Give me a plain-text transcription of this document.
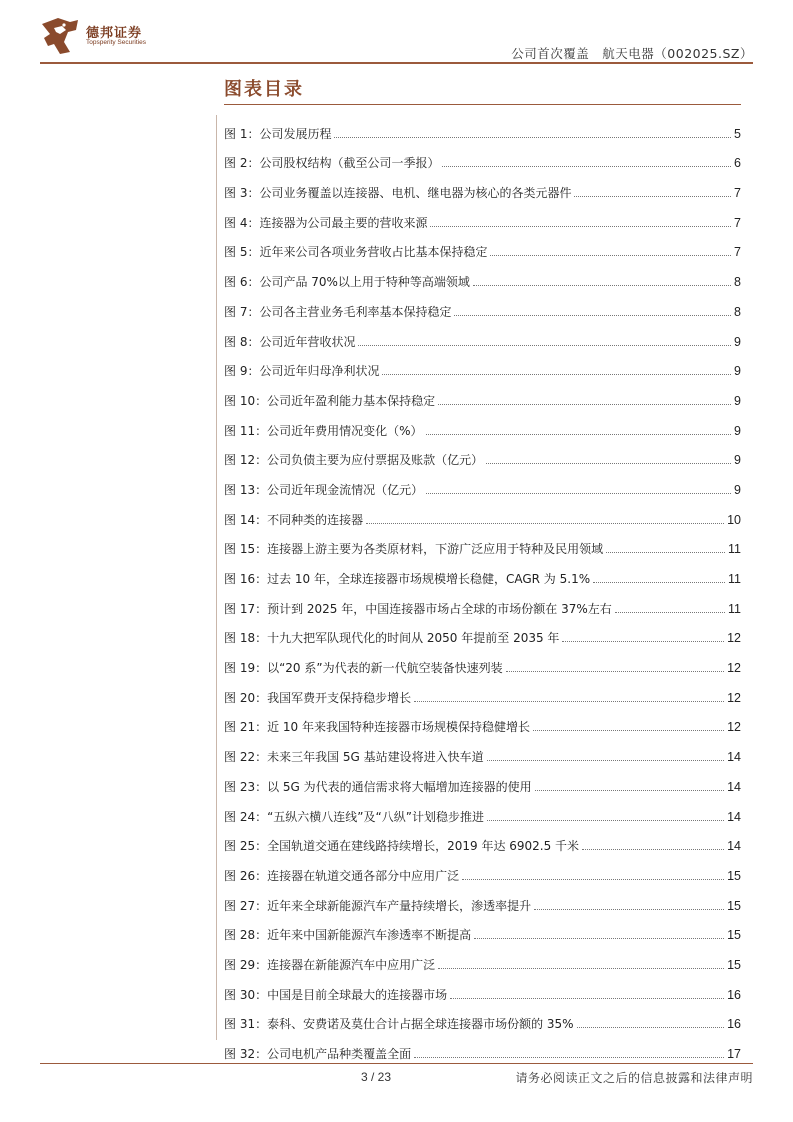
德邦证券
Topsperity Securities
公司首次覆盖　航天电器（002025.SZ）
图表目录
图 1：公司发展历程	5
图 2：公司股权结构（截至公司一季报）	6
图 3：公司业务覆盖以连接器、电机、继电器为核心的各类元器件	7
图 4：连接器为公司最主要的营收来源	7
图 5：近年来公司各项业务营收占比基本保持稳定	7
图 6：公司产品 70%以上用于特种等高端领域	8
图 7：公司各主营业务毛利率基本保持稳定	8
图 8：公司近年营收状况	9
图 9：公司近年归母净利状况	9
图 10：公司近年盈利能力基本保持稳定	9
图 11：公司近年费用情况变化（%）	9
图 12：公司负债主要为应付票据及账款（亿元）	9
图 13：公司近年现金流情况（亿元）	9
图 14：不同种类的连接器	10
图 15：连接器上游主要为各类原材料，下游广泛应用于特种及民用领域	11
图 16：过去 10 年，全球连接器市场规模增长稳健，CAGR 为 5.1%	11
图 17：预计到 2025 年，中国连接器市场占全球的市场份额在 37%左右	11
图 18：十九大把军队现代化的时间从 2050 年提前至 2035 年	12
图 19：以“20 系”为代表的新一代航空装备快速列装	12
图 20：我国军费开支保持稳步增长	12
图 21：近 10 年来我国特种连接器市场规模保持稳健增长	12
图 22：未来三年我国 5G 基站建设将进入快车道	14
图 23：以 5G 为代表的通信需求将大幅增加连接器的使用	14
图 24：“五纵六横八连线”及“八纵”计划稳步推进	14
图 25：全国轨道交通在建线路持续增长，2019 年达 6902.5 千米	14
图 26：连接器在轨道交通各部分中应用广泛	15
图 27：近年来全球新能源汽车产量持续增长，渗透率提升	15
图 28：近年来中国新能源汽车渗透率不断提高	15
图 29：连接器在新能源汽车中应用广泛	15
图 30：中国是目前全球最大的连接器市场	16
图 31：泰科、安费诺及莫仕合计占据全球连接器市场份额的 35%	16
图 32：公司电机产品种类覆盖全面	17
3 / 23	请务必阅读正文之后的信息披露和法律声明
